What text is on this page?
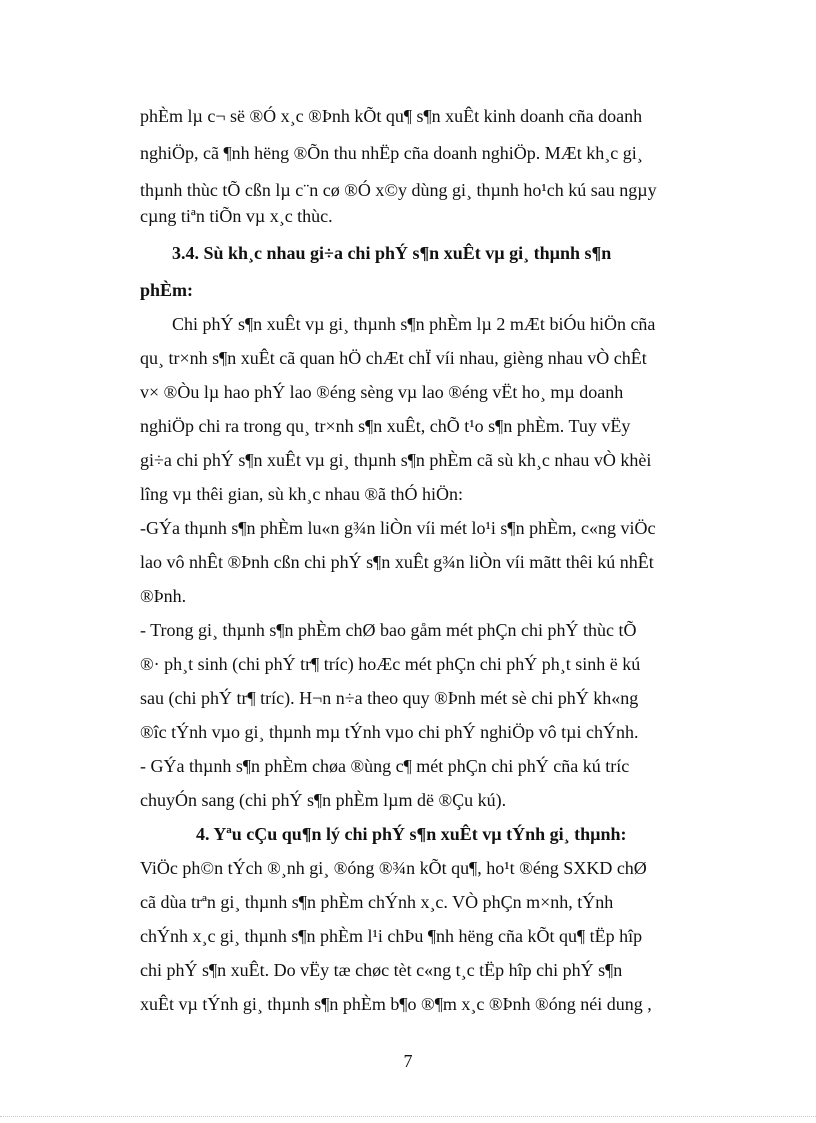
phÈm lµ c¬ së ®Ó x¸c ®Þnh kÕt qu¶ s¶n xuÊt kinh doanh cña doanh
nghiÖp, cã ¶nh hëng ®Õn thu nhËp cña doanh nghiÖp. MÆt kh¸c gi¸
thµnh thùc tÕ cßn lµ c¨n cø ®Ó x©y dùng gi¸ thµnh ho¹ch kú sau ngµy
cµng tiªn tiÕn vµ x¸c thùc.
3.4. Sù kh¸c nhau gi÷a chi phÝ s¶n xuÊt vµ gi¸ thµnh s¶n
phÈm:
Chi phÝ s¶n xuÊt vµ gi¸ thµnh s¶n phÈm lµ 2 mÆt biÓu hiÖn cña
qu¸ tr×nh s¶n xuÊt cã quan hÖ chÆt chÏ víi nhau, gièng nhau vÒ chÊt
v× ®Òu lµ hao phÝ lao ®éng sèng vµ lao ®éng vËt ho¸ mµ doanh
nghiÖp chi ra trong qu¸ tr×nh s¶n xuÊt, chÕ t¹o s¶n phÈm. Tuy vËy
gi÷a chi phÝ s¶n xuÊt vµ gi¸ thµnh s¶n phÈm cã sù kh¸c nhau vÒ khèi
lîng vµ thêi gian, sù kh¸c nhau ®ã thÓ hiÖn:
-GÝa thµnh s¶n phÈm lu«n g¾n liÒn víi mét lo¹i s¶n phÈm, c«ng viÖc
lao vô nhÊt ®Þnh cßn chi phÝ s¶n xuÊt g¾n liÒn víi mãtt thêi kú nhÊt
®Þnh.
- Trong gi¸ thµnh s¶n phÈm chØ bao gåm mét phÇn chi phÝ thùc tÕ
®· ph¸t sinh (chi phÝ tr¶ tríc) hoÆc mét phÇn chi phÝ ph¸t sinh ë kú
sau (chi phÝ tr¶ tríc). H¬n n÷a theo quy ®Þnh mét sè chi phÝ kh«ng
®îc tÝnh vµo gi¸ thµnh mµ tÝnh vµo chi phÝ nghiÖp vô tµi chÝnh.
- GÝa thµnh s¶n phÈm chøa ®ùng c¶ mét phÇn chi phÝ cña kú tríc
chuyÓn sang (chi phÝ s¶n phÈm lµm dë ®Çu kú).
4. Yªu cÇu qu¶n lý chi phÝ s¶n xuÊt vµ tÝnh gi¸ thµnh:
ViÖc ph©n tÝch ®¸nh gi¸ ®óng ®¾n kÕt qu¶, ho¹t ®éng SXKD chØ
cã dùa trªn gi¸ thµnh s¶n phÈm chÝnh x¸c. VÒ phÇn m×nh, tÝnh
chÝnh x¸c gi¸ thµnh s¶n phÈm l¹i chÞu ¶nh hëng cña kÕt qu¶ tËp hîp
chi phÝ s¶n xuÊt. Do vËy tæ chøc tèt c«ng t¸c tËp hîp chi phÝ s¶n
xuÊt vµ tÝnh gi¸ thµnh s¶n phÈm b¶o ®¶m x¸c ®Þnh ®óng néi dung ,
7
